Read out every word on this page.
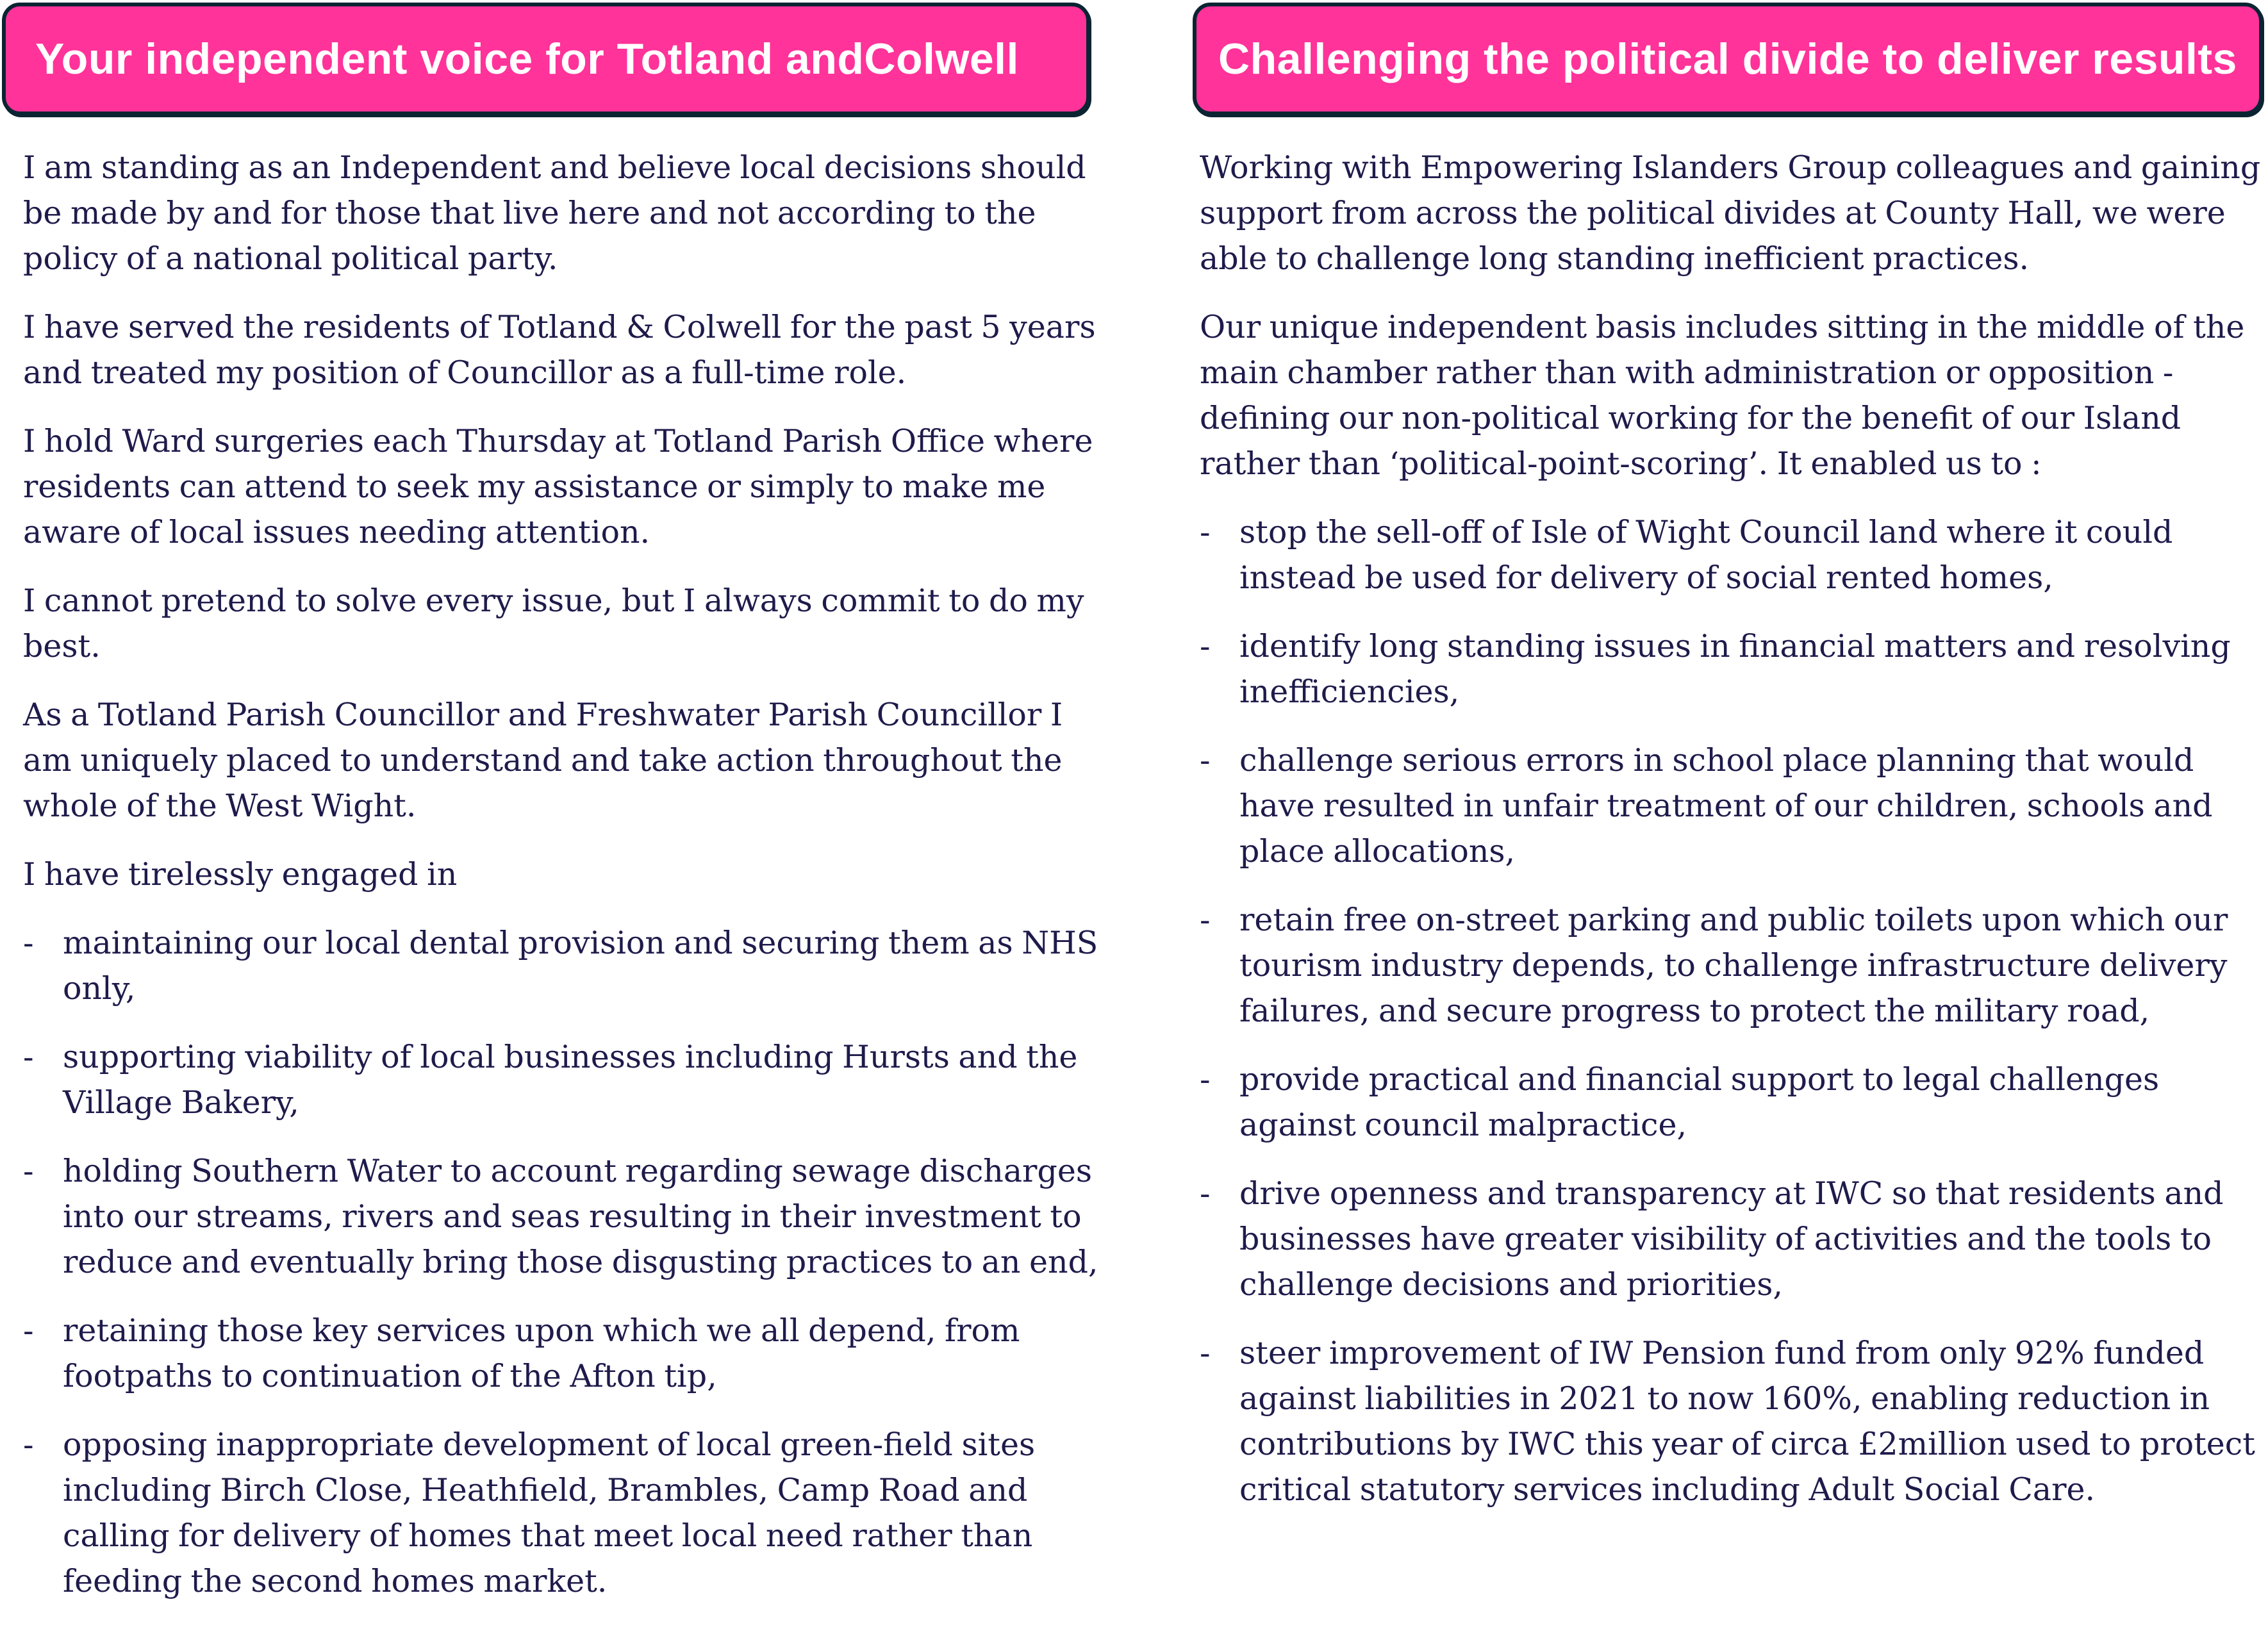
Your independent voice for Totland andColwell

I am standing as an Independent and believe local decisions should be made by and for those that live here and not according to the policy of a national political party.

I have served the residents of Totland & Colwell for the past 5 years and treated my position of Councillor as a full-time role.

I hold Ward surgeries each Thursday at Totland Parish Office where residents can attend to seek my assistance or simply to make me aware of local issues needing attention.

I cannot pretend to solve every issue, but I always commit to do my best.

As a Totland Parish Councillor and Freshwater Parish Councillor I am uniquely placed to understand and take action throughout the whole of the West Wight.

I have tirelessly engaged in

- maintaining our local dental provision and securing them as NHS only,
- supporting viability of local businesses including Hursts and the Village Bakery,
- holding Southern Water to account regarding sewage discharges into our streams, rivers and seas resulting in their investment to reduce and eventually bring those disgusting practices to an end,
- retaining those key services upon which we all depend, from footpaths to continuation of the Afton tip,
- opposing inappropriate development of local green-field sites including Birch Close, Heathfield, Brambles, Camp Road and calling for delivery of homes that meet local need rather than feeding the second homes market.
Challenging the political divide to deliver results

Working with Empowering Islanders Group colleagues and gaining support from across the political divides at County Hall, we were able to challenge long standing inefficient practices.

Our unique independent basis includes sitting in the middle of the main chamber rather than with administration or opposition - defining our non-political working for the benefit of our Island rather than ‘political-point-scoring’. It enabled us to :

- stop the sell-off of Isle of Wight Council land where it could instead be used for delivery of social rented homes,
- identify long standing issues in financial matters and resolving inefficiencies,
- challenge serious errors in school place planning that would have resulted in unfair treatment of our children, schools and place allocations,
- retain free on-street parking and public toilets upon which our tourism industry depends, to challenge infrastructure delivery failures, and secure progress to protect the military road,
- provide practical and financial support to legal challenges against council malpractice,
- drive openness and transparency at IWC so that residents and businesses have greater visibility of activities and the tools to challenge decisions and priorities,
- steer improvement of IW Pension fund from only 92% funded against liabilities in 2021 to now 160%, enabling reduction in contributions by IWC this year of circa £2million used to protect critical statutory services including Adult Social Care.
